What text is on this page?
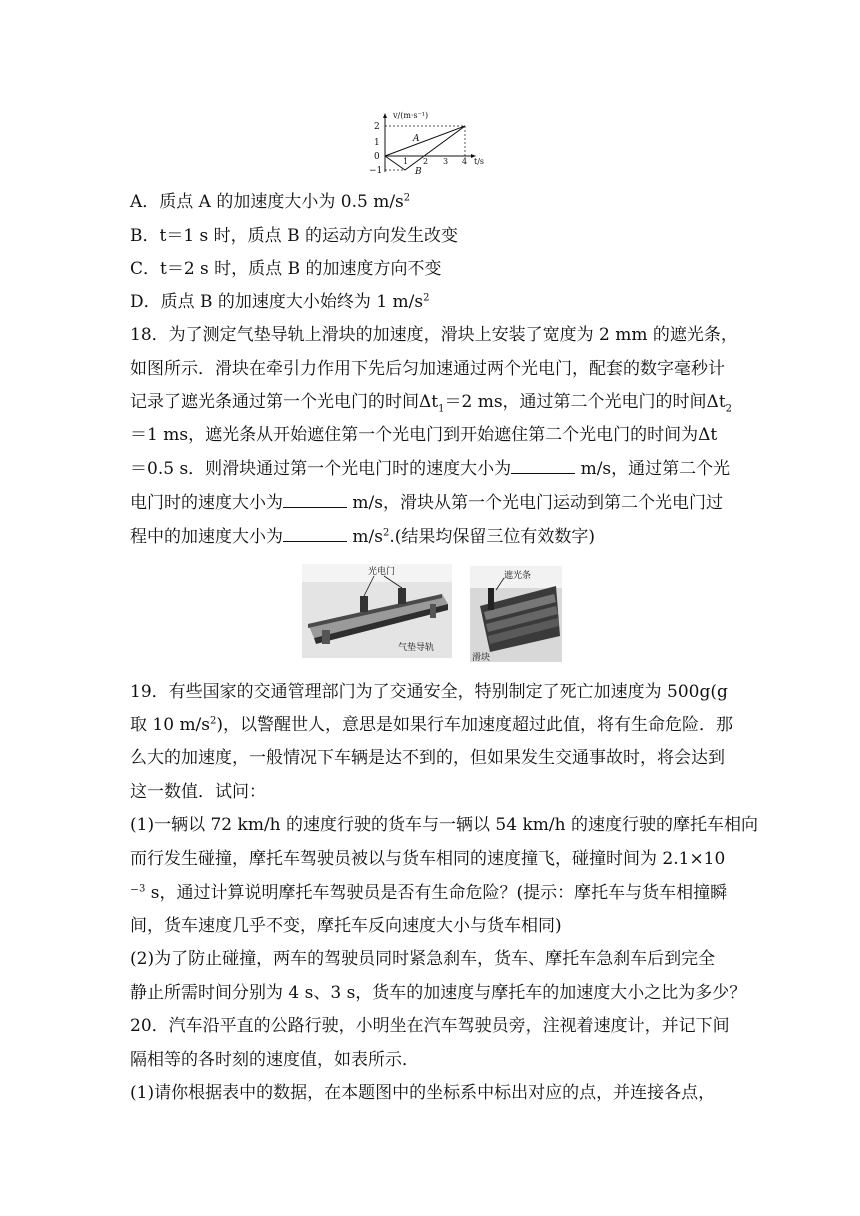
v/(m·s⁻¹)
t/s
2
1
0
−1
1 2 3 4
A
B
A．质点 A 的加速度大小为 0.5 $m/s^2$
B．t＝1 s 时，质点 B 的运动方向发生改变
C．t＝2 s 时，质点 B 的加速度方向不变
D．质点 B 的加速度大小始终为 1 $m/s^2$
18．为了测定气垫导轨上滑块的加速度，滑块上安装了宽度为 2 mm 的遮光条，
如图所示．滑块在牵引力作用下先后匀加速通过两个光电门，配套的数字毫秒计
记录了遮光条通过第一个光电门的时间$\Delta t_1=2$ ms，通过第二个光电门的时间$\Delta t_2$
＝1 ms，遮光条从开始遮住第一个光电门到开始遮住第二个光电门的时间为Δt
＝0.5 s．则滑块通过第一个光电门时的速度大小为	m/s，通过第二个光
电门时的速度大小为	m/s，滑块从第一个光电门运动到第二个光电门过
程中的加速度大小为	$m/s^2$.(结果均保留三位有效数字)
光电门
气垫导轨
遮光条
滑块
19．有些国家的交通管理部门为了交通安全，特别制定了死亡加速度为 500g(g
取 10 $m/s^2$)，以警醒世人，意思是如果行车加速度超过此值，将有生命危险．那
么大的加速度，一般情况下车辆是达不到的，但如果发生交通事故时，将会达到
这一数值．试问：
(1)一辆以 72 km/h 的速度行驶的货车与一辆以 54 km/h 的速度行驶的摩托车相向
而行发生碰撞，摩托车驾驶员被以与货车相同的速度撞飞，碰撞时间为 2.1×10
⁻$^3$ s，通过计算说明摩托车驾驶员是否有生命危险？(提示：摩托车与货车相撞瞬
间，货车速度几乎不变，摩托车反向速度大小与货车相同)
(2)为了防止碰撞，两车的驾驶员同时紧急刹车，货车、摩托车急刹车后到完全
静止所需时间分别为 4 s、3 s，货车的加速度与摩托车的加速度大小之比为多少？
20．汽车沿平直的公路行驶，小明坐在汽车驾驶员旁，注视着速度计，并记下间
隔相等的各时刻的速度值，如表所示．
(1)请你根据表中的数据，在本题图中的坐标系中标出对应的点，并连接各点，
